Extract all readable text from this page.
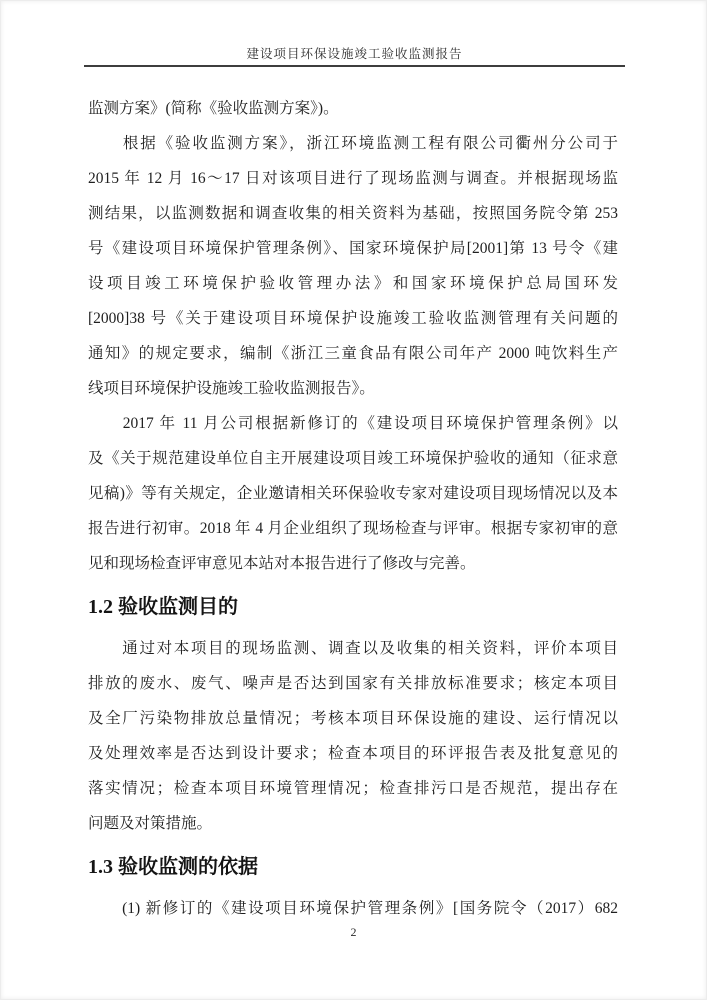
建设项目环保设施竣工验收监测报告
监测方案》(简称《验收监测方案》)。
　　根据《验收监测方案》，浙江环境监测工程有限公司衢州分公司于
2015 年 12 月 16～17 日对该项目进行了现场监测与调查。并根据现场监
测结果，以监测数据和调查收集的相关资料为基础，按照国务院令第 253
号《建设项目环境保护管理条例》、国家环境保护局[2001]第 13 号令《建
设项目竣工环境保护验收管理办法》和国家环境保护总局国环发
[2000]38 号《关于建设项目环境保护设施竣工验收监测管理有关问题的
通知》的规定要求，编制《浙江三童食品有限公司年产 2000 吨饮料生产
线项目环境保护设施竣工验收监测报告》。
　　2017 年 11 月公司根据新修订的《建设项目环境保护管理条例》以
及《关于规范建设单位自主开展建设项目竣工环境保护验收的通知（征求意
见稿)》等有关规定，企业邀请相关环保验收专家对建设项目现场情况以及本
报告进行初审。2018 年 4 月企业组织了现场检查与评审。根据专家初审的意
见和现场检查评审意见本站对本报告进行了修改与完善。
1.2 验收监测目的
　　通过对本项目的现场监测、调查以及收集的相关资料，评价本项目
排放的废水、废气、噪声是否达到国家有关排放标准要求；核定本项目
及全厂污染物排放总量情况；考核本项目环保设施的建设、运行情况以
及处理效率是否达到设计要求；检查本项目的环评报告表及批复意见的
落实情况；检查本项目环境管理情况；检查排污口是否规范，提出存在
问题及对策措施。
1.3 验收监测的依据
　　(1) 新修订的《建设项目环境保护管理条例》[国务院令（2017）682
2
